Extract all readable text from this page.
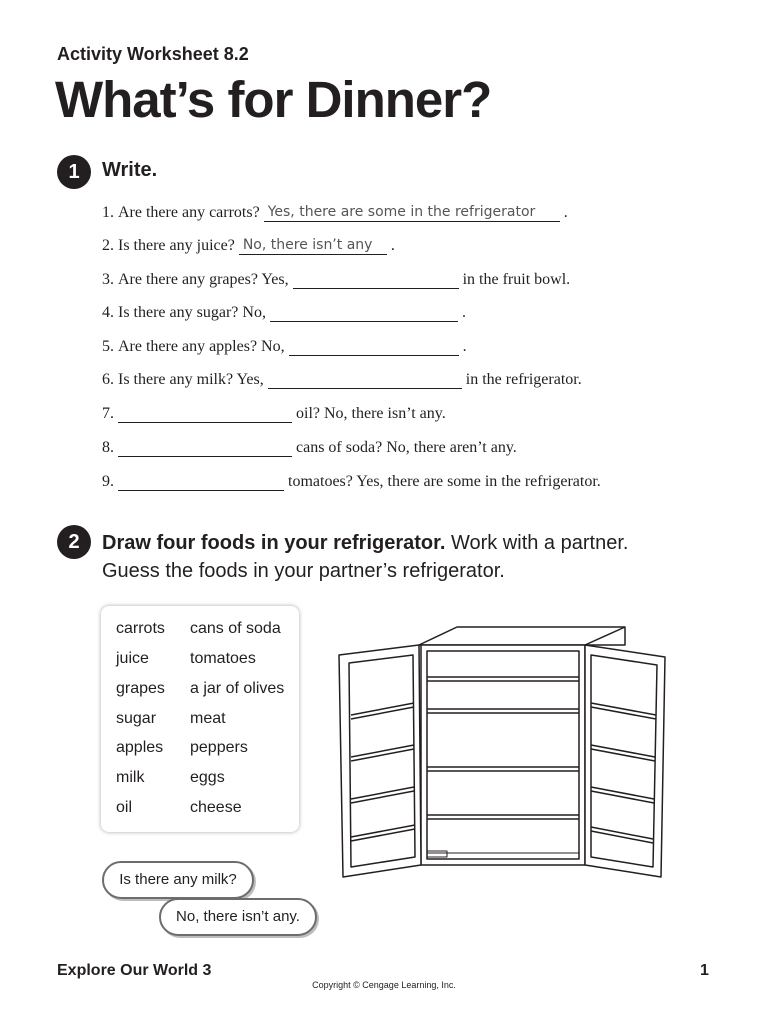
Activity Worksheet 8.2
What’s for Dinner?
1	Write.
1.
Are there any carrots? Yes, there are some in the refrigerator .
2.
Is there any juice? No, there isn’t any .
3.
Are there any grapes? Yes,	in the fruit bowl.
4.
Is there any sugar? No,	.
5.
Are there any apples? No,	.
6.
Is there any milk? Yes,	in the refrigerator.
7.	oil? No, there isn’t any.
8.	cans of soda? No, there aren’t any.
9.	tomatoes? Yes, there are some in the refrigerator.
2	Draw four foods in your refrigerator. Work with a partner. Guess the foods in your partner’s refrigerator.
carrots
juice
grapes
sugar
apples
milk
oil
cans of soda
tomatoes
a jar of olives
meat
peppers
eggs
cheese
Is there any milk?
No, there isn’t any.
Explore Our World 3	1
Copyright © Cengage Learning, Inc.
